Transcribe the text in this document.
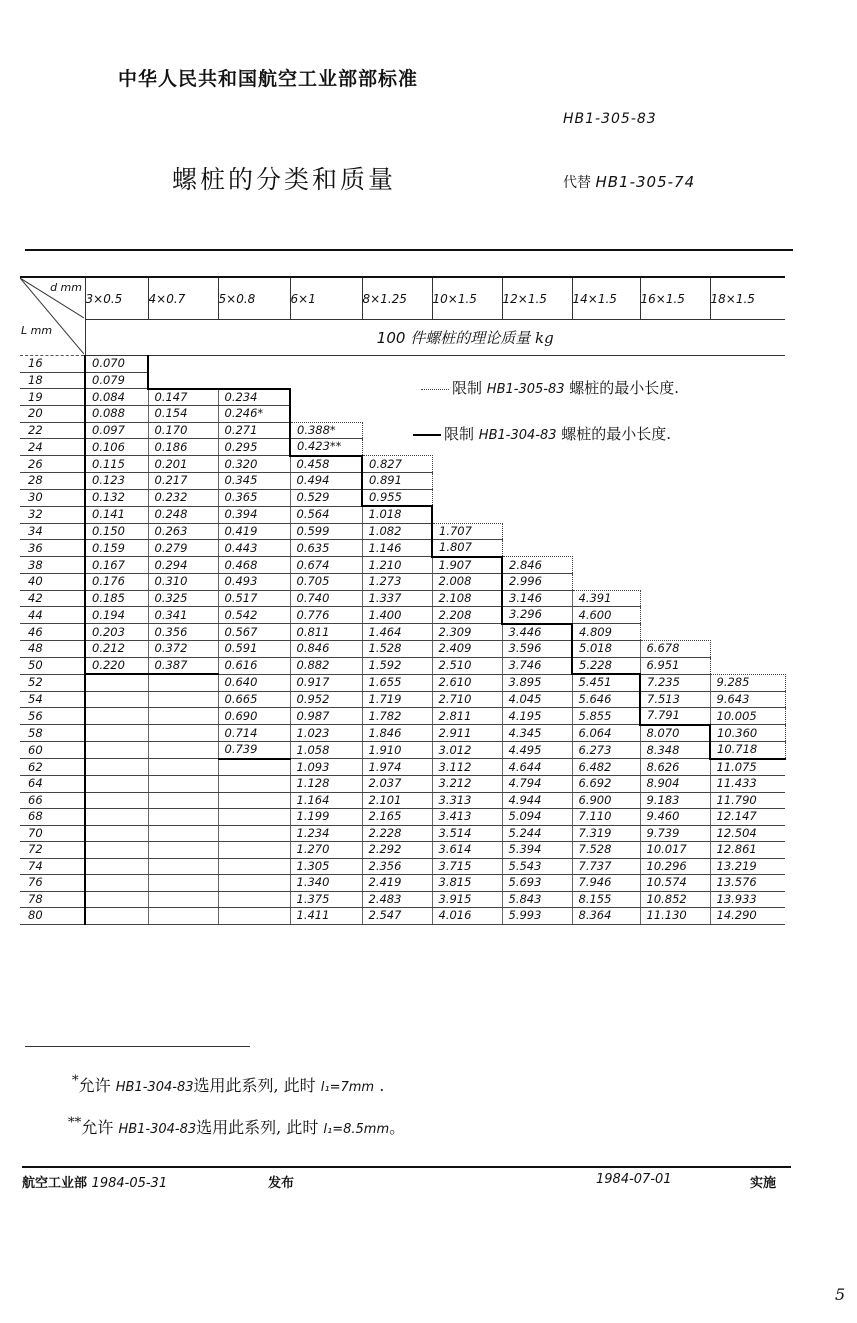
中华人民共和国航空工业部部标准
HB1-305-83
螺桩的分类和质量	代替 HB1-305-74
d mm
L mm	3×0.5	4×0.7	5×0.8	6×1	8×1.25	10×1.5	12×1.5	14×1.5	16×1.5	18×1.5
	100 件螺桩的理论质量 kg									
16	0.070									
18	0.079									
19	0.084	0.147	0.234							
20	0.088	0.154	0.246*							
22	0.097	0.170	0.271	0.388*						
24	0.106	0.186	0.295	0.423**						
26	0.115	0.201	0.320	0.458	0.827					
28	0.123	0.217	0.345	0.494	0.891					
30	0.132	0.232	0.365	0.529	0.955					
32	0.141	0.248	0.394	0.564	1.018					
34	0.150	0.263	0.419	0.599	1.082	1.707				
36	0.159	0.279	0.443	0.635	1.146	1.807				
38	0.167	0.294	0.468	0.674	1.210	1.907	2.846			
40	0.176	0.310	0.493	0.705	1.273	2.008	2.996			
42	0.185	0.325	0.517	0.740	1.337	2.108	3.146	4.391		
44	0.194	0.341	0.542	0.776	1.400	2.208	3.296	4.600		
46	0.203	0.356	0.567	0.811	1.464	2.309	3.446	4.809		
48	0.212	0.372	0.591	0.846	1.528	2.409	3.596	5.018	6.678	
50	0.220	0.387	0.616	0.882	1.592	2.510	3.746	5.228	6.951	
52			0.640	0.917	1.655	2.610	3.895	5.451	7.235	9.285
54			0.665	0.952	1.719	2.710	4.045	5.646	7.513	9.643
56			0.690	0.987	1.782	2.811	4.195	5.855	7.791	10.005
58			0.714	1.023	1.846	2.911	4.345	6.064	8.070	10.360
60			0.739	1.058	1.910	3.012	4.495	6.273	8.348	10.718
62				1.093	1.974	3.112	4.644	6.482	8.626	11.075
64				1.128	2.037	3.212	4.794	6.692	8.904	11.433
66				1.164	2.101	3.313	4.944	6.900	9.183	11.790
68				1.199	2.165	3.413	5.094	7.110	9.460	12.147
70				1.234	2.228	3.514	5.244	7.319	9.739	12.504
72				1.270	2.292	3.614	5.394	7.528	10.017	12.861
74				1.305	2.356	3.715	5.543	7.737	10.296	13.219
76				1.340	2.419	3.815	5.693	7.946	10.574	13.576
78				1.375	2.483	3.915	5.843	8.155	10.852	13.933
80				1.411	2.547	4.016	5.993	8.364	11.130	14.290
限制 HB1-305-83 螺桩的最小长度.
限制 HB1-304-83 螺桩的最小长度.
*允许 HB1-304-83选用此系列, 此时 l₁=7mm .
**允许 HB1-304-83选用此系列, 此时 l₁=8.5mm。
航空工业部 1984-05-31	发布	1984-07-01	实施
5
